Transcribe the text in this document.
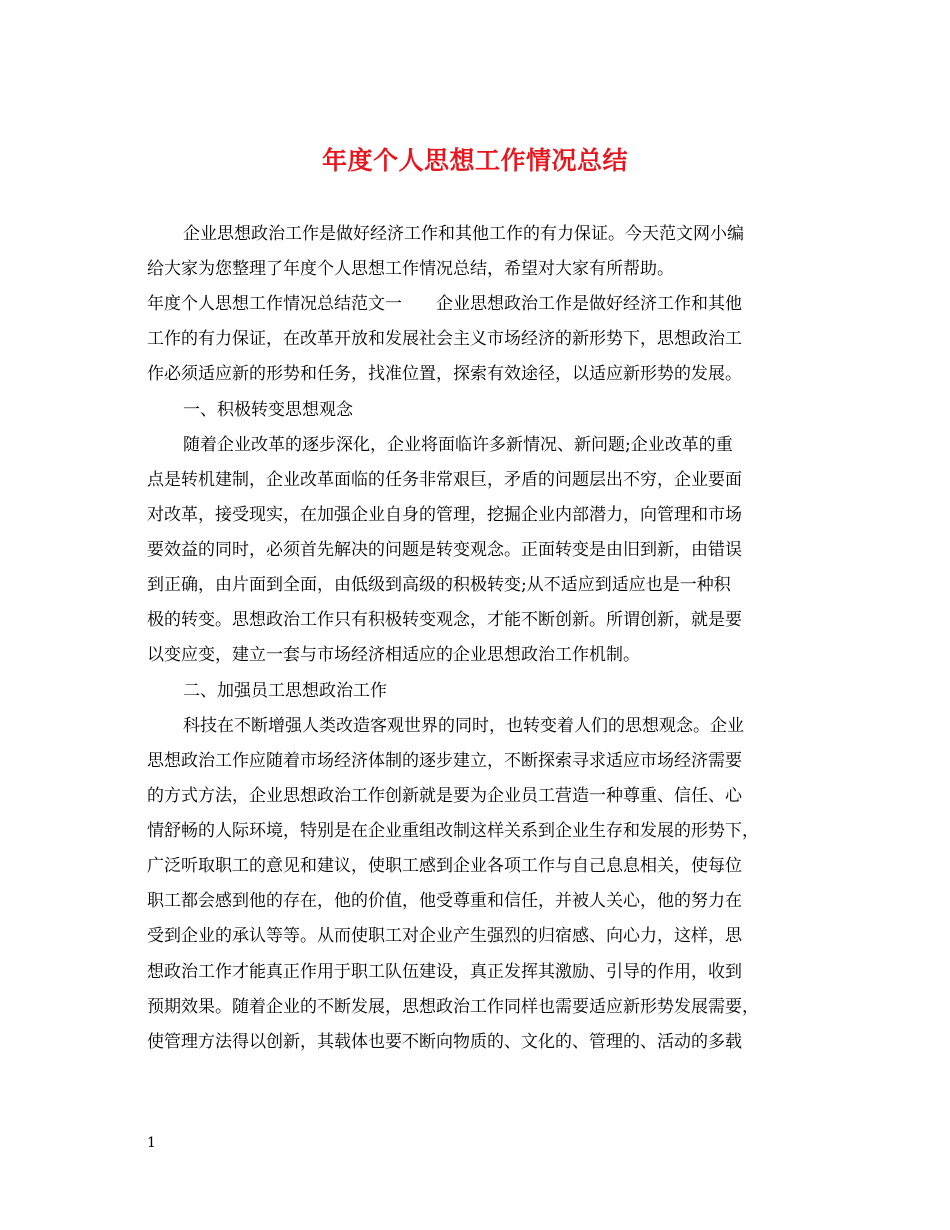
年度个人思想工作情况总结
企业思想政治工作是做好经济工作和其他工作的有力保证。今天范文网小编
给大家为您整理了年度个人思想工作情况总结，希望对大家有所帮助。
年度个人思想工作情况总结范文一　　企业思想政治工作是做好经济工作和其他
工作的有力保证，在改革开放和发展社会主义市场经济的新形势下，思想政治工
作必须适应新的形势和任务，找准位置，探索有效途径，以适应新形势的发展。
一、积极转变思想观念
随着企业改革的逐步深化，企业将面临许多新情况、新问题;企业改革的重
点是转机建制，企业改革面临的任务非常艰巨，矛盾的问题层出不穷，企业要面
对改革，接受现实，在加强企业自身的管理，挖掘企业内部潜力，向管理和市场
要效益的同时，必须首先解决的问题是转变观念。正面转变是由旧到新，由错误
到正确，由片面到全面，由低级到高级的积极转变;从不适应到适应也是一种积
极的转变。思想政治工作只有积极转变观念，才能不断创新。所谓创新，就是要
以变应变，建立一套与市场经济相适应的企业思想政治工作机制。
二、加强员工思想政治工作
科技在不断增强人类改造客观世界的同时，也转变着人们的思想观念。企业
思想政治工作应随着市场经济体制的逐步建立，不断探索寻求适应市场经济需要
的方式方法，企业思想政治工作创新就是要为企业员工营造一种尊重、信任、心
情舒畅的人际环境，特别是在企业重组改制这样关系到企业生存和发展的形势下，
广泛听取职工的意见和建议，使职工感到企业各项工作与自己息息相关，使每位
职工都会感到他的存在，他的价值，他受尊重和信任，并被人关心，他的努力在
受到企业的承认等等。从而使职工对企业产生强烈的归宿感、向心力，这样，思
想政治工作才能真正作用于职工队伍建设，真正发挥其激励、引导的作用，收到
预期效果。随着企业的不断发展，思想政治工作同样也需要适应新形势发展需要，
使管理方法得以创新，其载体也要不断向物质的、文化的、管理的、活动的多载
1
